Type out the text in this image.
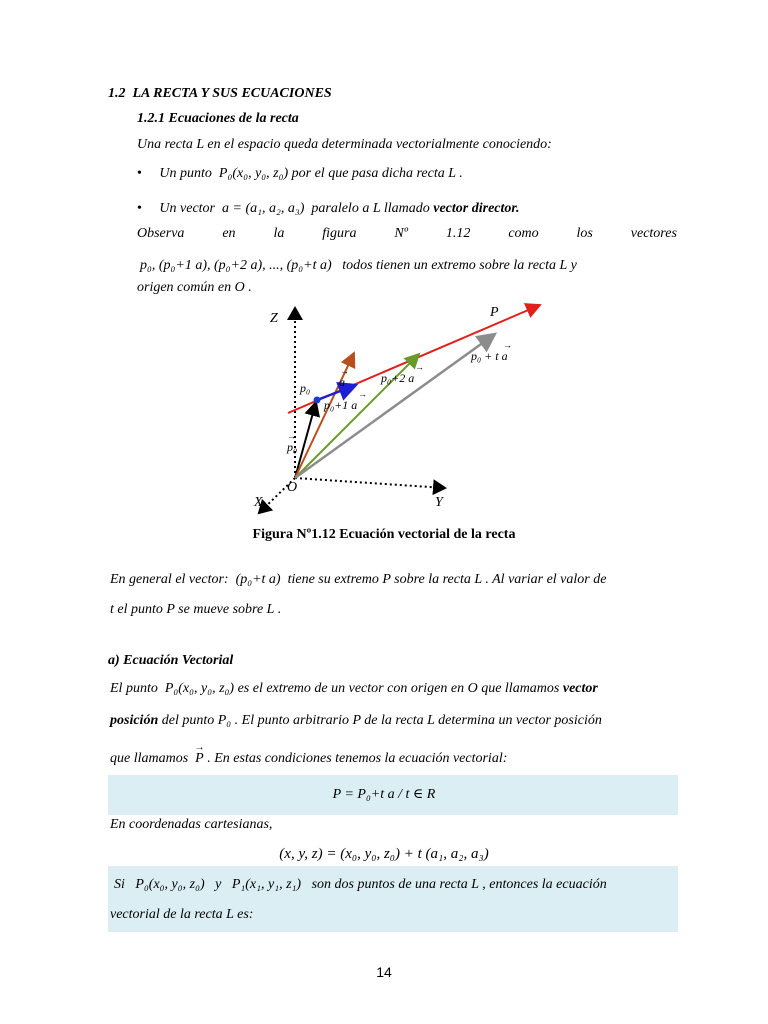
1.2 LA RECTA Y SUS ECUACIONES
1.2.1 Ecuaciones de la recta
Una recta L en el espacio queda determinada vectorialmente conociendo:
• Un punto P₀(x₀, y₀, z₀) por el que pasa dicha recta L .
• Un vector a = (a₁, a₂, a₃) paralelo a L llamado vector director.
Observa	en	la	figura	Nº	1.12	como	los	vectores
p₀, (p₀+1 a), (p₀+2 a), ..., (p₀+t a) todos tienen un extremo sobre la recta L y
origen común en O .
Z
X	Y
O
P
p₀ a
p₀
p₀+1 a
p₀+2 a
p₀ + t a
→
→
→
→
→
Figura Nº1.12 Ecuación vectorial de la recta
En general el vector: (p₀+t a) tiene su extremo P sobre la recta L . Al variar el valor de
t el punto P se mueve sobre L .
a) Ecuación Vectorial
El punto P₀(x₀, y₀, z₀) es el extremo de un vector con origen en O que llamamos vector
posición del punto P₀ . El punto arbitrario P de la recta L determina un vector posición
que llamamos  → P . En estas condiciones tenemos la ecuación vectorial:
P = P₀+t a / t ∈ R
En coordenadas cartesianas,
(x, y, z) = (x₀, y₀, z₀) + t (a₁, a₂, a₃)
Si P₀(x₀, y₀, z₀) y P₁(x₁, y₁, z₁) son dos puntos de una recta L , entonces la ecuación
vectorial de la recta L es:
14
